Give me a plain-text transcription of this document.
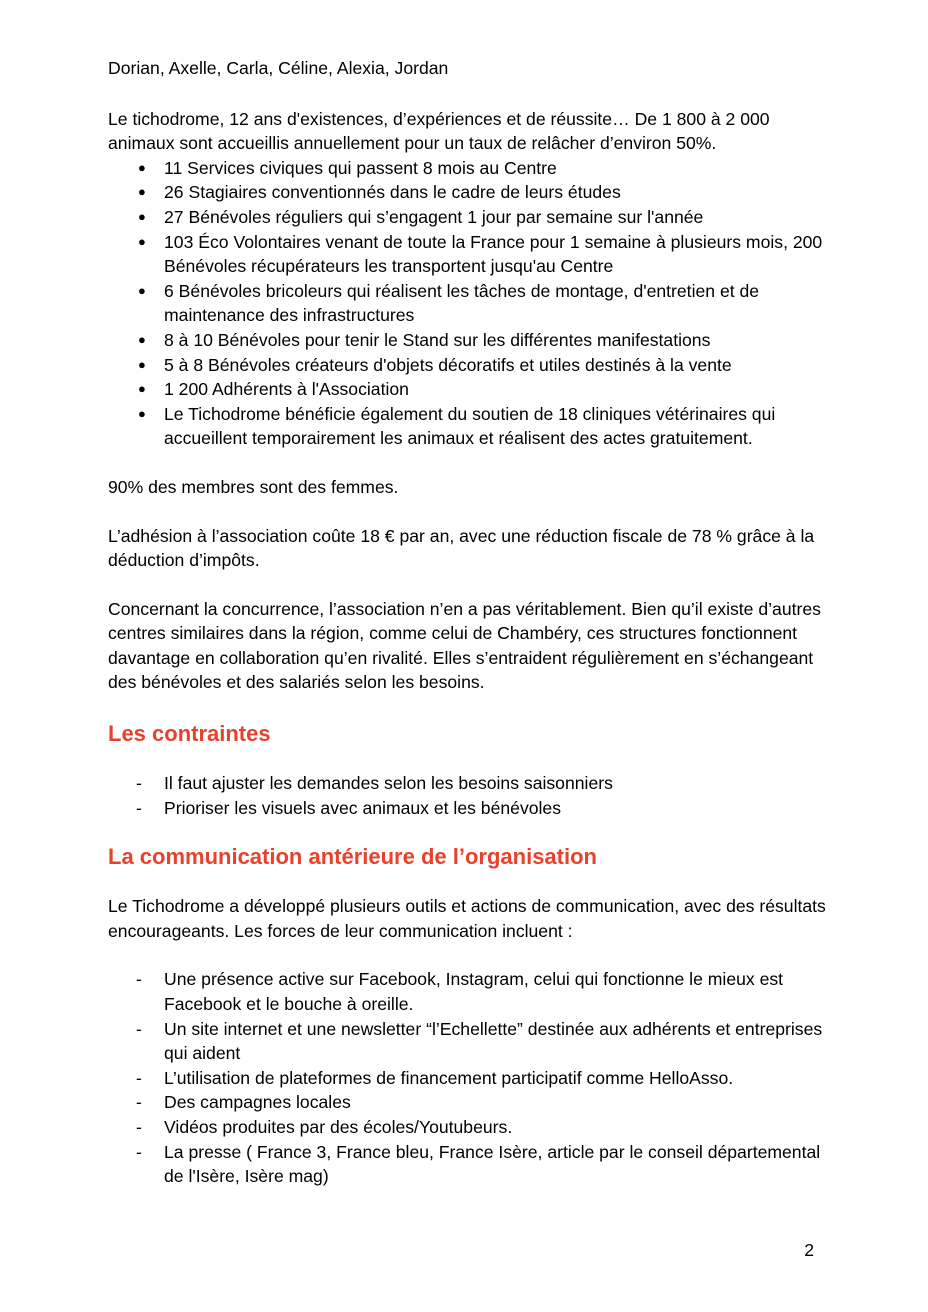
Dorian, Axelle, Carla, Céline, Alexia, Jordan

Le tichodrome, 12 ans d'existences, d’expériences et de réussite… De 1 800 à 2 000 animaux sont accueillis annuellement pour un taux de relâcher d’environ 50%.

● 11 Services civiques qui passent 8 mois au Centre
● 26 Stagiaires conventionnés dans le cadre de leurs études
● 27 Bénévoles réguliers qui s’engagent 1 jour par semaine sur l'année
● 103 Éco Volontaires venant de toute la France pour 1 semaine à plusieurs mois, 200 Bénévoles récupérateurs les transportent jusqu'au Centre
● 6 Bénévoles bricoleurs qui réalisent les tâches de montage, d'entretien et de maintenance des infrastructures
● 8 à 10 Bénévoles pour tenir le Stand sur les différentes manifestations
● 5 à 8 Bénévoles créateurs d'objets décoratifs et utiles destinés à la vente
● 1 200 Adhérents à l'Association
● Le Tichodrome bénéficie également du soutien de 18 cliniques vétérinaires qui accueillent temporairement les animaux et réalisent des actes gratuitement.

90% des membres sont des femmes.

L’adhésion à l’association coûte 18 € par an, avec une réduction fiscale de 78 % grâce à la déduction d’impôts.

Concernant la concurrence, l’association n’en a pas véritablement. Bien qu’il existe d’autres centres similaires dans la région, comme celui de Chambéry, ces structures fonctionnent davantage en collaboration qu’en rivalité. Elles s’entraident régulièrement en s’échangeant des bénévoles et des salariés selon les besoins.

Les contraintes
- Il faut ajuster les demandes selon les besoins saisonniers
- Prioriser les visuels avec animaux et les bénévoles
La communication antérieure de l’organisation

Le Tichodrome a développé plusieurs outils et actions de communication, avec des résultats encourageants. Les forces de leur communication incluent :

- Une présence active sur Facebook, Instagram, celui qui fonctionne le mieux est Facebook et le bouche à oreille.
- Un site internet et une newsletter “l’Echellette” destinée aux adhérents et entreprises qui aident
- L’utilisation de plateformes de financement participatif comme HelloAsso.
- Des campagnes locales
- Vidéos produites par des écoles/Youtubeurs.
- La presse ( France 3, France bleu, France Isère, article par le conseil départemental de l'Isère, Isère mag)
2
